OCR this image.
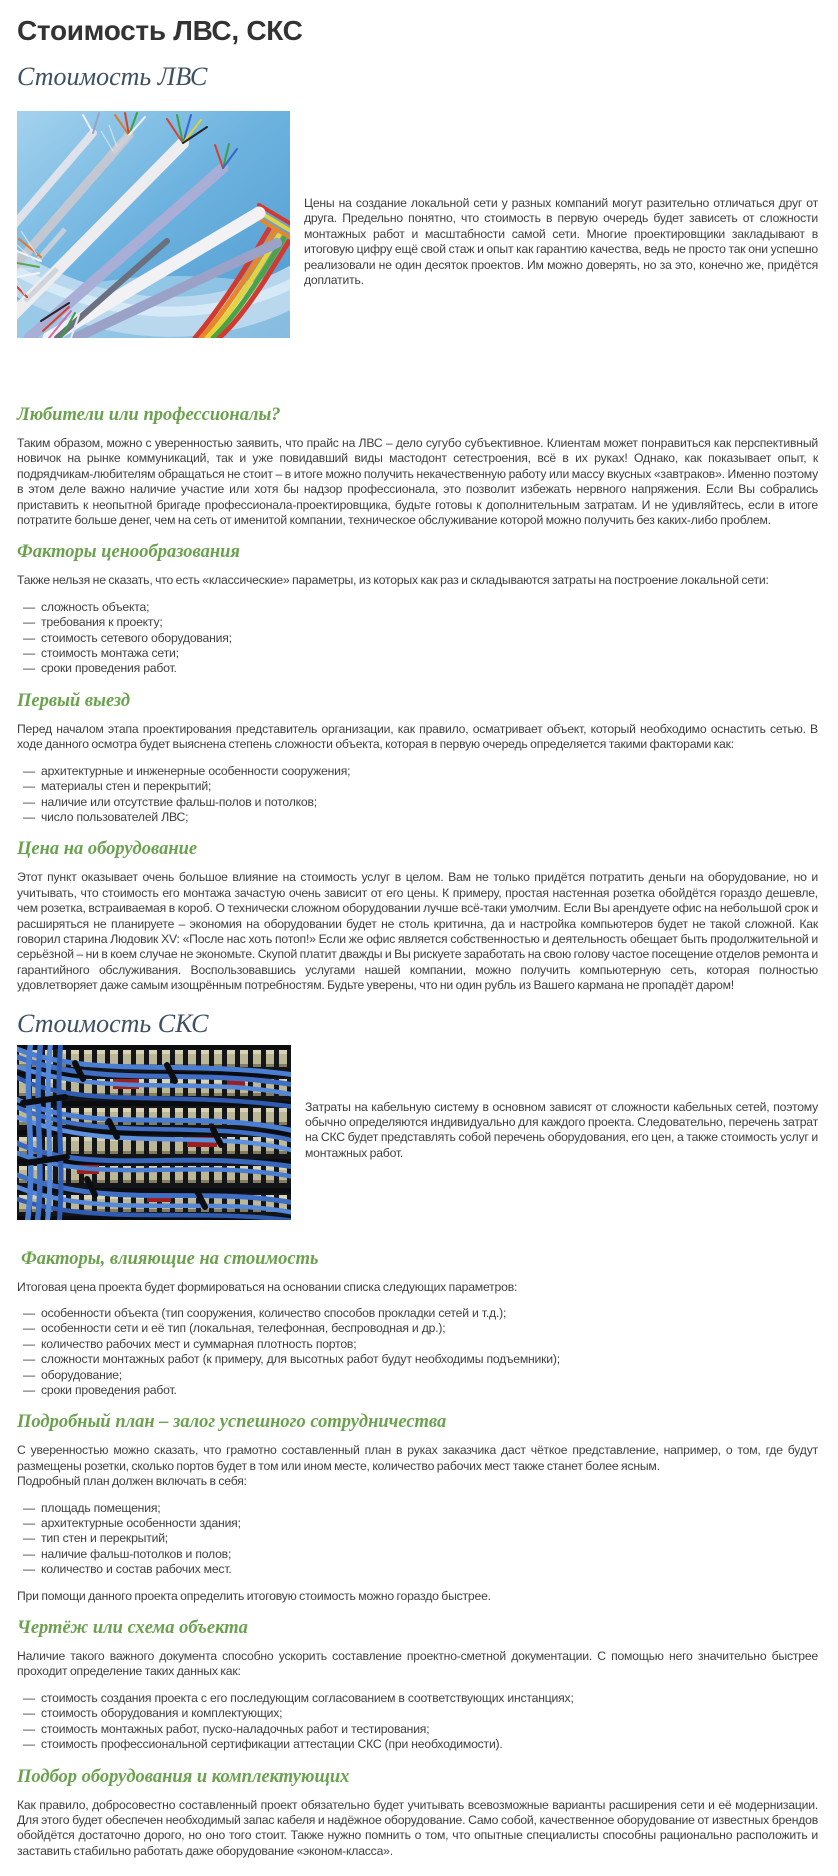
Стоимость ЛВС, СКС
Стоимость ЛВС

Цены на создание локальной сети у разных компаний могут разительно отличаться друг от друга. Предельно понятно, что стоимость в первую очередь будет зависеть от сложности монтажных работ и масштабности самой сети. Многие проектировщики закладывают в итоговую цифру ещё свой стаж и опыт как гарантию качества, ведь не просто так они успешно реализовали не один десяток проектов. Им можно доверять, но за это, конечно же, придётся доплатить.

Любители или профессионалы?

Таким образом, можно с уверенностью заявить, что прайс на ЛВС – дело сугубо субъективное. Клиентам может понравиться как перспективный новичок на рынке коммуникаций, так и уже повидавший виды мастодонт сетестроения, всё в их руках! Однако, как показывает опыт, к подрядчикам-любителям обращаться не стоит – в итоге можно получить некачественную работу или массу вкусных «завтраков». Именно поэтому в этом деле важно наличие участие или хотя бы надзор профессионала, это позволит избежать нервного напряжения. Если Вы собрались приставить к неопытной бригаде профессионала-проектировщика, будьте готовы к дополнительным затратам. И не удивляйтесь, если в итоге потратите больше денег, чем на сеть от именитой компании, техническое обслуживание которой можно получить без каких-либо проблем.

Факторы ценообразования

Также нельзя не сказать, что есть «классические» параметры, из которых как раз и складываются затраты на построение локальной сети:

— сложность объекта;
— требования к проекту;
— стоимость сетевого оборудования;
— стоимость монтажа сети;
— сроки проведения работ.
Первый выезд

Перед началом этапа проектирования представитель организации, как правило, осматривает объект, который необходимо оснастить сетью. В ходе данного осмотра будет выяснена степень сложности объекта, которая в первую очередь определяется такими факторами как:

— архитектурные и инженерные особенности сооружения;
— материалы стен и перекрытий;
— наличие или отсутствие фальш-полов и потолков;
— число пользователей ЛВС;
Цена на оборудование

Этот пункт оказывает очень большое влияние на стоимость услуг в целом. Вам не только придётся потратить деньги на оборудование, но и учитывать, что стоимость его монтажа зачастую очень зависит от его цены. К примеру, простая настенная розетка обойдётся гораздо дешевле, чем розетка, встраиваемая в короб. О технически сложном оборудовании лучше всё-таки умолчим. Если Вы арендуете офис на небольшой срок и расширяться не планируете – экономия на оборудовании будет не столь критична, да и настройка компьютеров будет не такой сложной. Как говорил старина Людовик XV: «После нас хоть потоп!» Если же офис является собственностью и деятельность обещает быть продолжительной и серьёзной – ни в коем случае не экономьте. Скупой платит дважды и Вы рискуете заработать на свою голову частое посещение отделов ремонта и гарантийного обслуживания. Воспользовавшись услугами нашей компании, можно получить компьютерную сеть, которая полностью удовлетворяет даже самым изощрённым потребностям. Будьте уверены, что ни один рубль из Вашего кармана не пропадёт даром!

Стоимость СКС

Затраты на кабельную систему в основном зависят от сложности кабельных сетей, поэтому обычно определяются индивидуально для каждого проекта. Следовательно, перечень затрат на СКС будет представлять собой перечень оборудования, его цен, а также стоимость услуг и монтажных работ.

Факторы, влияющие на стоимость

Итоговая цена проекта будет формироваться на основании списка следующих параметров:

— особенности объекта (тип сооружения, количество способов прокладки сетей и т.д.);
— особенности сети и её тип (локальная, телефонная, беспроводная и др.);
— количество рабочих мест и суммарная плотность портов;
— сложности монтажных работ (к примеру, для высотных работ будут необходимы подъемники);
— оборудование;
— сроки проведения работ.
Подробный план – залог успешного сотрудничества

С уверенностью можно сказать, что грамотно составленный план в руках заказчика даст чёткое представление, например, о том, где будут размещены розетки, сколько портов будет в том или ином месте, количество рабочих мест также станет более ясным.

Подробный план должен включать в себя:

— площадь помещения;
— архитектурные особенности здания;
— тип стен и перекрытий;
— наличие фальш-потолков и полов;
— количество и состав рабочих мест.

При помощи данного проекта определить итоговую стоимость можно гораздо быстрее.

Чертёж или схема объекта

Наличие такого важного документа способно ускорить составление проектно-сметной документации. С помощью него значительно быстрее проходит определение таких данных как:

— стоимость создания проекта с его последующим согласованием в соответствующих инстанциях;
— стоимость оборудования и комплектующих;
— стоимость монтажных работ, пуско-наладочных работ и тестирования;
— стоимость профессиональной сертификации аттестации СКС (при необходимости).
Подбор оборудования и комплектующих

Как правило, добросовестно составленный проект обязательно будет учитывать всевозможные варианты расширения сети и её модернизации. Для этого будет обеспечен необходимый запас кабеля и надёжное оборудование. Само собой, качественное оборудование от известных брендов обойдётся достаточно дорого, но оно того стоит. Также нужно помнить о том, что опытные специалисты способны рационально расположить и заставить стабильно работать даже оборудование «эконом-класса».
